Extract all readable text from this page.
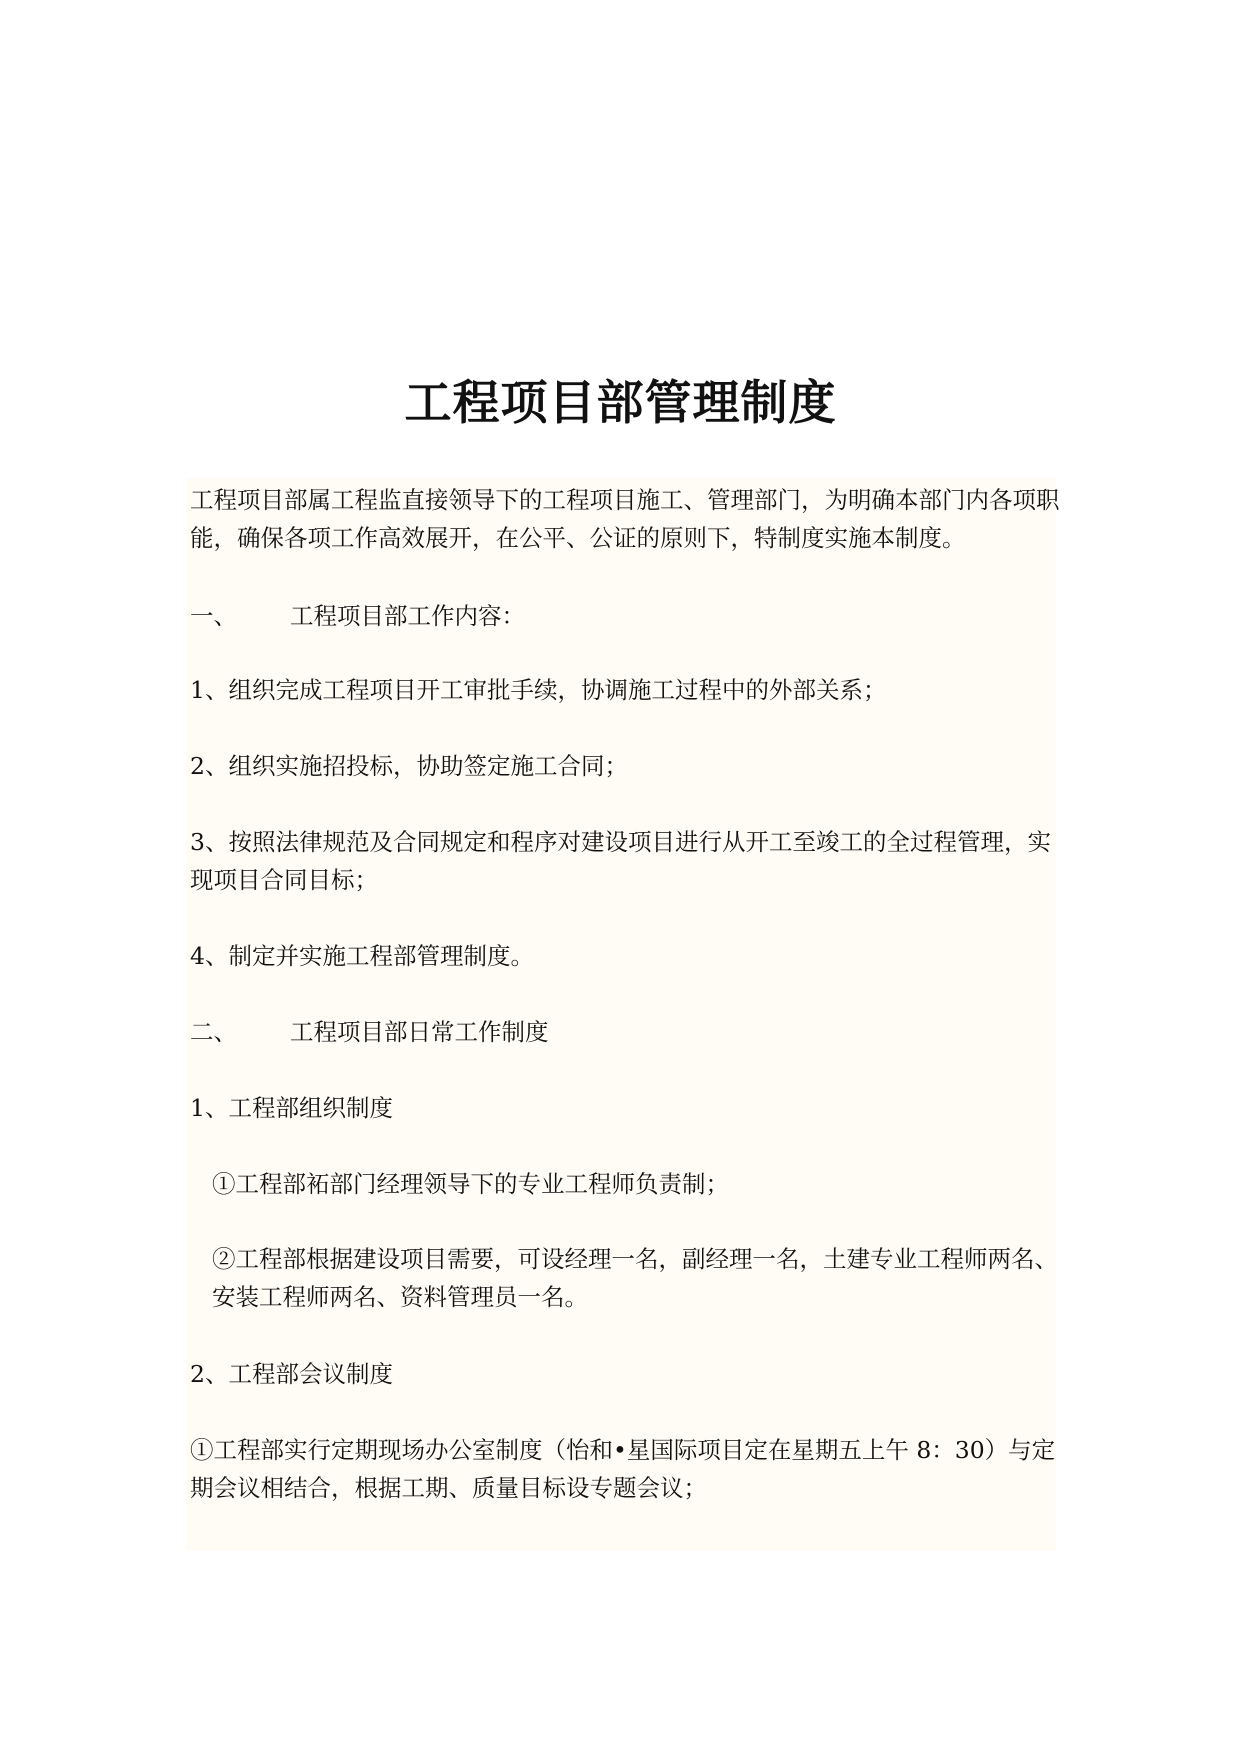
工程项目部管理制度

工程项目部属工程监直接领导下的工程项目施工、管理部门，为明确本部门内各项职能，确保各项工作高效展开，在公平、公证的原则下，特制度实施本制度。

一、 工程项目部工作内容：

1、组织完成工程项目开工审批手续，协调施工过程中的外部关系；

2、组织实施招投标，协助签定施工合同；

3、按照法律规范及合同规定和程序对建设项目进行从开工至竣工的全过程管理，实现项目合同目标；

4、制定并实施工程部管理制度。

二、 工程项目部日常工作制度

1、工程部组织制度

①工程部袥部门经理领导下的专业工程师负责制；

②工程部根据建设项目需要，可设经理一名，副经理一名，土建专业工程师两名、安装工程师两名、资料管理员一名。

2、工程部会议制度

①工程部实行定期现场办公室制度（怡和•星国际项目定在星期五上午 8：30）与定期会议相结合，根据工期、质量目标设专题会议；
